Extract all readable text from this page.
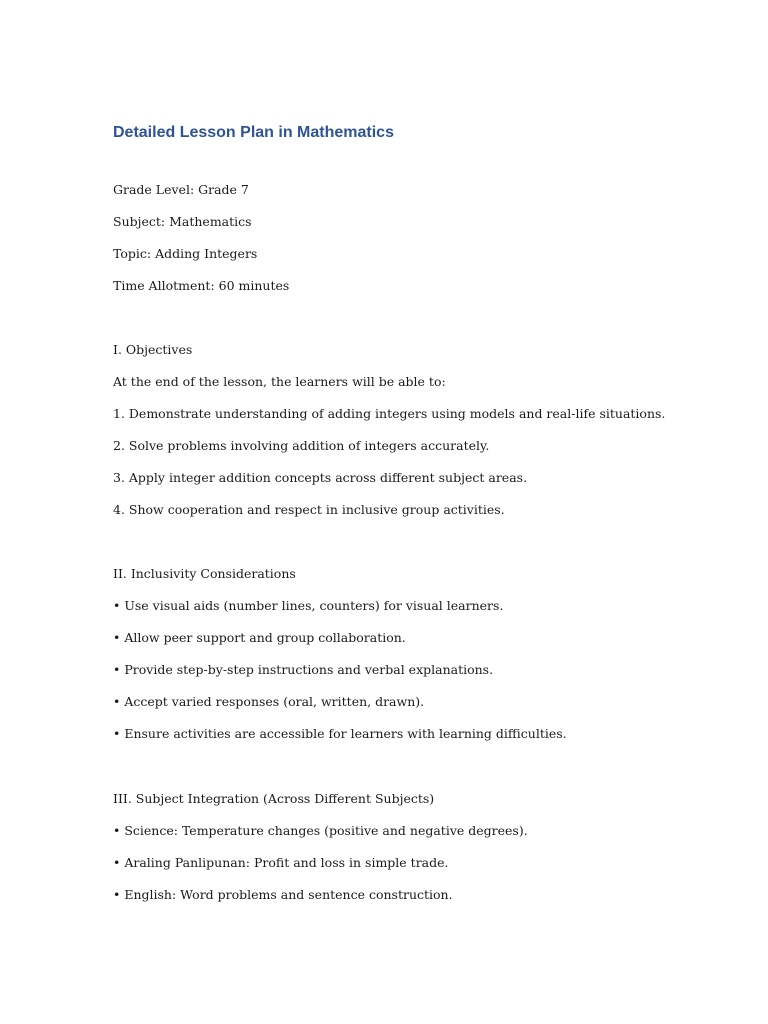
Detailed Lesson Plan in Mathematics

Grade Level: Grade 7

Subject: Mathematics

Topic: Adding Integers

Time Allotment: 60 minutes

I. Objectives

At the end of the lesson, the learners will be able to:

1. Demonstrate understanding of adding integers using models and real-life situations.

2. Solve problems involving addition of integers accurately.

3. Apply integer addition concepts across different subject areas.

4. Show cooperation and respect in inclusive group activities.

II. Inclusivity Considerations

• Use visual aids (number lines, counters) for visual learners.

• Allow peer support and group collaboration.

• Provide step-by-step instructions and verbal explanations.

• Accept varied responses (oral, written, drawn).

• Ensure activities are accessible for learners with learning difficulties.

III. Subject Integration (Across Different Subjects)

• Science: Temperature changes (positive and negative degrees).

• Araling Panlipunan: Profit and loss in simple trade.

• English: Word problems and sentence construction.
